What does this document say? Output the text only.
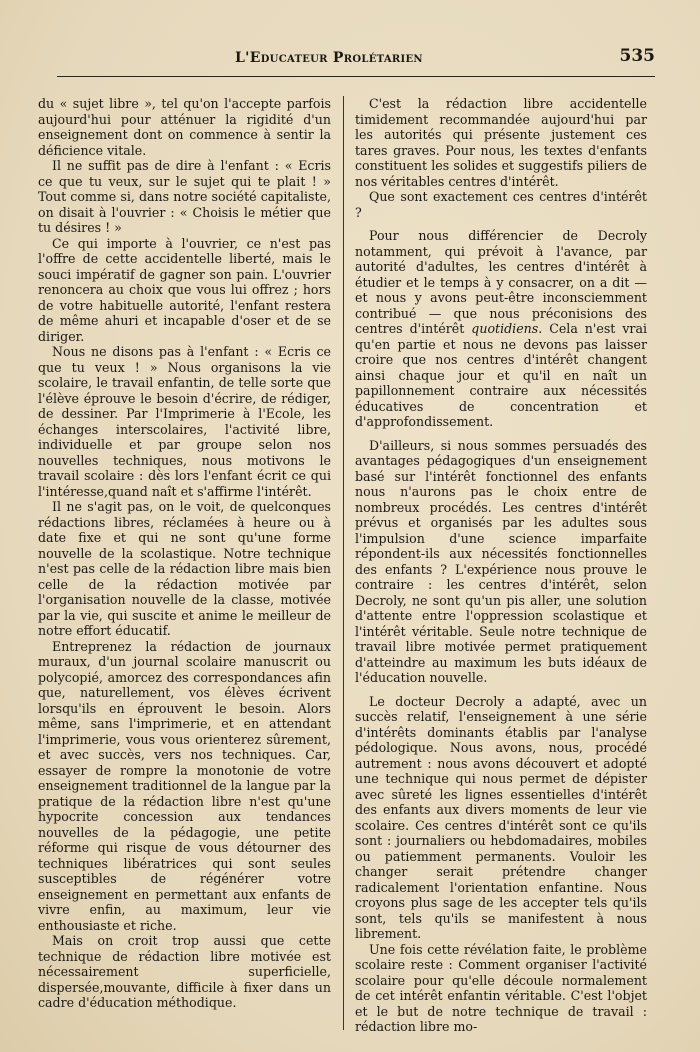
L'Educateur Prolétarien	535

du « sujet libre », tel qu'on l'accepte parfois aujourd'hui pour atténuer la rigidité d'un enseignement dont on commence à sentir la déficience vitale.

Il ne suffit pas de dire à l'enfant : « Ecris ce que tu veux, sur le sujet qui te plait ! » Tout comme si, dans notre société capitaliste, on disait à l'ouvrier : « Choisis le métier que tu désires ! »

Ce qui importe à l'ouvrier, ce n'est pas l'offre de cette accidentelle liberté, mais le souci impératif de gagner son pain. L'ouvrier renoncera au choix que vous lui offrez ; hors de votre habituelle autorité, l'enfant restera de même ahuri et incapable d'oser et de se diriger.

Nous ne disons pas à l'enfant : « Ecris ce que tu veux ! » Nous organisons la vie scolaire, le travail enfantin, de telle sorte que l'élève éprouve le besoin d'écrire, de rédiger, de dessiner. Par l'Imprimerie à l'Ecole, les échanges interscolaires, l'activité libre, individuelle et par groupe selon nos nouvelles techniques, nous motivons le travail scolaire : dès lors l'enfant écrit ce qui l'intéresse,quand naît et s'affirme l'intérêt.

Il ne s'agit pas, on le voit, de quelconques rédactions libres, réclamées à heure ou à date fixe et qui ne sont qu'une forme nouvelle de la scolastique. Notre technique n'est pas celle de la rédaction libre mais bien celle de la rédaction motivée par l'organisation nouvelle de la classe, motivée par la vie, qui suscite et anime le meilleur de notre effort éducatif.

Entreprenez la rédaction de journaux muraux, d'un journal scolaire manuscrit ou polycopié, amorcez des correspondances afin que, naturellement, vos élèves écrivent lorsqu'ils en éprouvent le besoin. Alors même, sans l'imprimerie, et en attendant l'imprimerie, vous vous orienterez sûrement, et avec succès, vers nos techniques. Car, essayer de rompre la monotonie de votre enseignement traditionnel de la langue par la pratique de la rédaction libre n'est qu'une hypocrite concession aux tendances nouvelles de la pédagogie, une petite réforme qui risque de vous détourner des techniques libératrices qui sont seules susceptibles de régénérer votre enseignement en permettant aux enfants de vivre enfin, au maximum, leur vie enthousiaste et riche.

Mais on croit trop aussi que cette technique de rédaction libre motivée est nécessairement superficielle, dispersée,mouvante, difficile à fixer dans un cadre d'éducation méthodique.

C'est la rédaction libre accidentelle timidement recommandée aujourd'hui par les autorités qui présente justement ces tares graves. Pour nous, les textes d'enfants constituent les solides et suggestifs piliers de nos véritables centres d'intérêt.

Que sont exactement ces centres d'intérêt ?

Pour nous différencier de Decroly notamment, qui prévoit à l'avance, par autorité d'adultes, les centres d'intérêt à étudier et le temps à y consacrer, on a dit — et nous y avons peut-être inconsciemment contribué — que nous préconisions des centres d'intérêt quotidiens. Cela n'est vrai qu'en partie et nous ne devons pas laisser croire que nos centres d'intérêt changent ainsi chaque jour et qu'il en naît un papillonnement contraire aux nécessités éducatives de concentration et d'approfondissement.

D'ailleurs, si nous sommes persuadés des avantages pédagogiques d'un enseignement basé sur l'intérêt fonctionnel des enfants nous n'aurons pas le choix entre de nombreux procédés. Les centres d'intérêt prévus et organisés par les adultes sous l'impulsion d'une science imparfaite répondent-ils aux nécessités fonctionnelles des enfants ? L'expérience nous prouve le contraire : les centres d'intérêt, selon Decroly, ne sont qu'un pis aller, une solution d'attente entre l'oppression scolastique et l'intérêt véritable. Seule notre technique de travail libre motivée permet pratiquement d'atteindre au maximum les buts idéaux de l'éducation nouvelle.

Le docteur Decroly a adapté, avec un succès relatif, l'enseignement à une série d'intérêts dominants établis par l'analyse pédologique. Nous avons, nous, procédé autrement : nous avons découvert et adopté une technique qui nous permet de dépister avec sûreté les lignes essentielles d'intérêt des enfants aux divers moments de leur vie scolaire. Ces centres d'intérêt sont ce qu'ils sont : journaliers ou hebdomadaires, mobiles ou patiemment permanents. Vouloir les changer serait prétendre changer radicalement l'orientation enfantine. Nous croyons plus sage de les accepter tels qu'ils sont, tels qu'ils se manifestent à nous librement.

Une fois cette révélation faite, le problème scolaire reste : Comment organiser l'activité scolaire pour qu'elle découle normalement de cet intérêt enfantin véritable. C'est l'objet et le but de notre technique de travail : rédaction libre mo-
